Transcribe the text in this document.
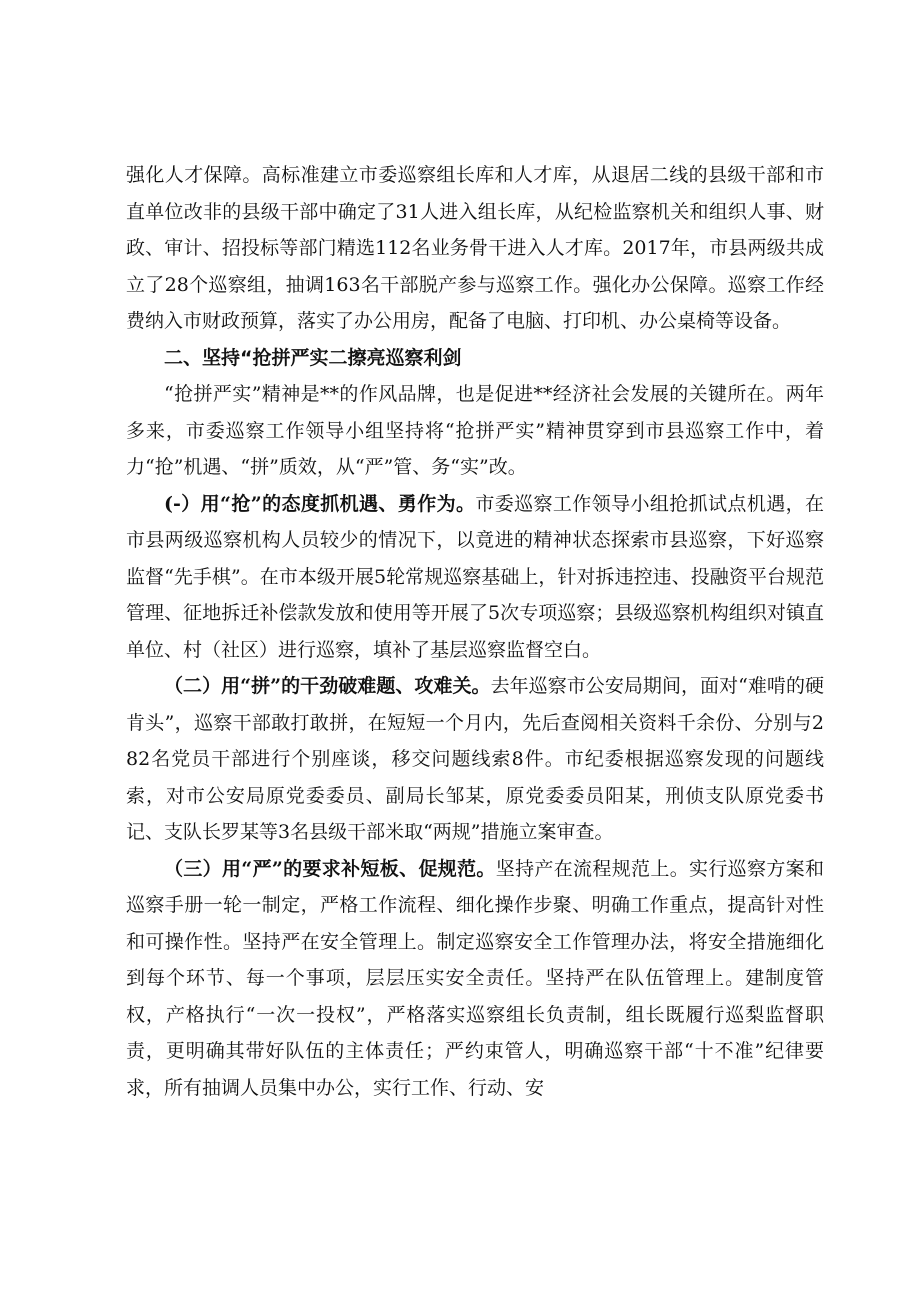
强化人才保障。高标准建立市委巡察组长库和人才库，从退居二线的县级干部和市直单位改非的县级干部中确定了31人进入组长库，从纪检监察机关和组织人事、财政、审计、招投标等部门精选112名业务骨干进入人才库。2017年，市县两级共成立了28个巡察组，抽调163名干部脱产参与巡察工作。强化办公保障。巡察工作经费纳入市财政预算，落实了办公用房，配备了电脑、打印机、办公桌椅等设备。

二、坚持“抢拼严实二擦亮巡察利剑

“抢拼严实”精神是**的作风品牌，也是促进**经济社会发展的关键所在。两年多来，市委巡察工作领导小组坚持将“抢拼严实”精神贯穿到市县巡察工作中，着力“抢”机遇、“拼”质效，从“严”管、务“实”改。

(-）用“抢”的态度抓机遇、勇作为。市委巡察工作领导小组抢抓试点机遇，在市县两级巡察机构人员较少的情况下，以竟进的精神状态探索市县巡察，下好巡察监督“先手棋”。在市本级开展5轮常规巡察基础上，针对拆违控违、投融资平台规范管理、征地拆迁补偿款发放和使用等开展了5次专项巡察；县级巡察机构组织对镇直单位、村（社区）进行巡察，填补了基层巡察监督空白。

（二）用“拼”的干劲破难题、攻难关。去年巡察市公安局期间，面对“难啃的硬肯头”，巡察干部敢打敢拼，在短短一个月内，先后查阅相关资料千余份、分别与282名党员干部进行个别座谈，移交问题线索8件。市纪委根据巡察发现的问题线索，对市公安局原党委委员、副局长邹某，原党委委员阳某，刑侦支队原党委书记、支队长罗某等3名县级干部米取“两规”措施立案审查。

（三）用“严”的要求补短板、促规范。坚持产在流程规范上。实行巡察方案和巡察手册一轮一制定，严格工作流程、细化操作步聚、明确工作重点，提高针对性和可操作性。坚持严在安全管理上。制定巡察安全工作管理办法，将安全措施细化到每个环节、每一个事项，层层压实安全责任。坚持严在队伍管理上。建制度管权，产格执行“一次一投权”，严格落实巡察组长负责制，组长既履行巡梨监督职责，更明确其带好队伍的主体责任；严约束管人，明确巡察干部“十不准”纪律要求，所有抽调人员集中办公，实行工作、行动、安
